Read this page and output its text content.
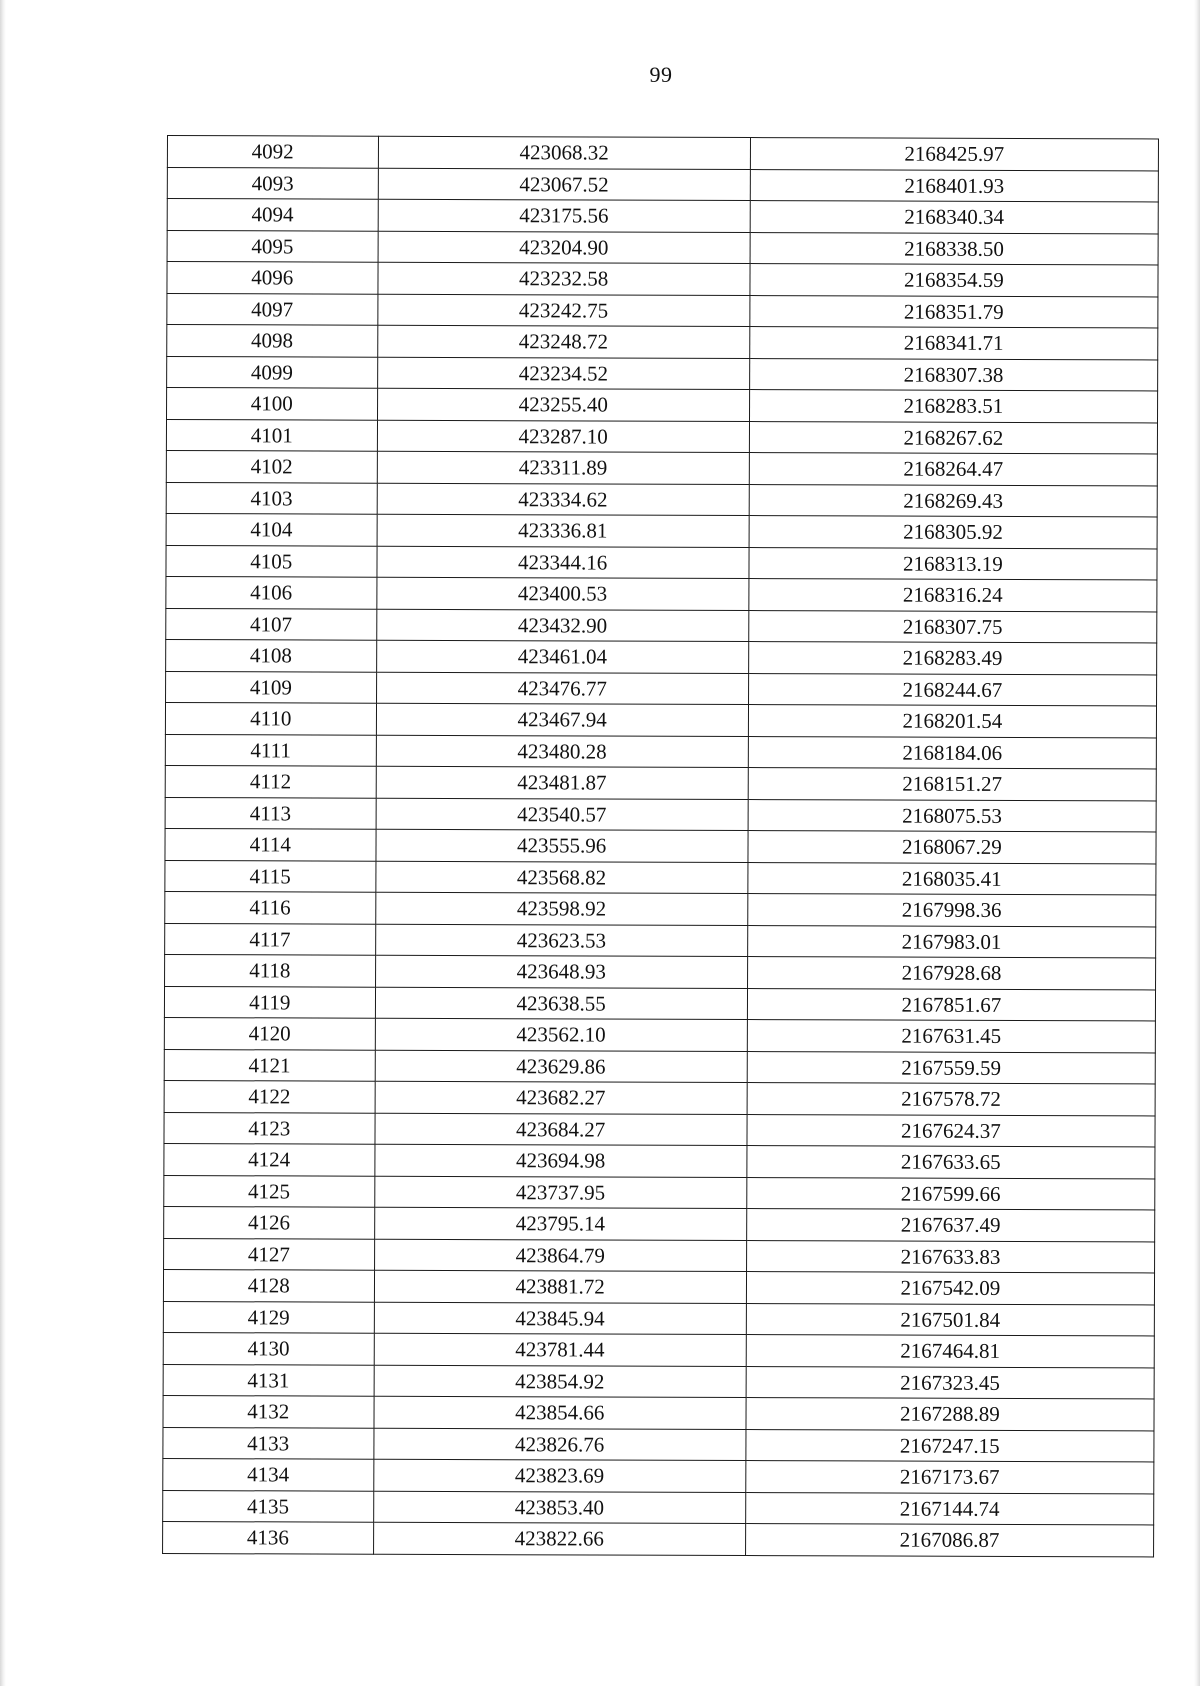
99
4092	423068.32	2168425.97
4093	423067.52	2168401.93
4094	423175.56	2168340.34
4095	423204.90	2168338.50
4096	423232.58	2168354.59
4097	423242.75	2168351.79
4098	423248.72	2168341.71
4099	423234.52	2168307.38
4100	423255.40	2168283.51
4101	423287.10	2168267.62
4102	423311.89	2168264.47
4103	423334.62	2168269.43
4104	423336.81	2168305.92
4105	423344.16	2168313.19
4106	423400.53	2168316.24
4107	423432.90	2168307.75
4108	423461.04	2168283.49
4109	423476.77	2168244.67
4110	423467.94	2168201.54
4111	423480.28	2168184.06
4112	423481.87	2168151.27
4113	423540.57	2168075.53
4114	423555.96	2168067.29
4115	423568.82	2168035.41
4116	423598.92	2167998.36
4117	423623.53	2167983.01
4118	423648.93	2167928.68
4119	423638.55	2167851.67
4120	423562.10	2167631.45
4121	423629.86	2167559.59
4122	423682.27	2167578.72
4123	423684.27	2167624.37
4124	423694.98	2167633.65
4125	423737.95	2167599.66
4126	423795.14	2167637.49
4127	423864.79	2167633.83
4128	423881.72	2167542.09
4129	423845.94	2167501.84
4130	423781.44	2167464.81
4131	423854.92	2167323.45
4132	423854.66	2167288.89
4133	423826.76	2167247.15
4134	423823.69	2167173.67
4135	423853.40	2167144.74
4136	423822.66	2167086.87
